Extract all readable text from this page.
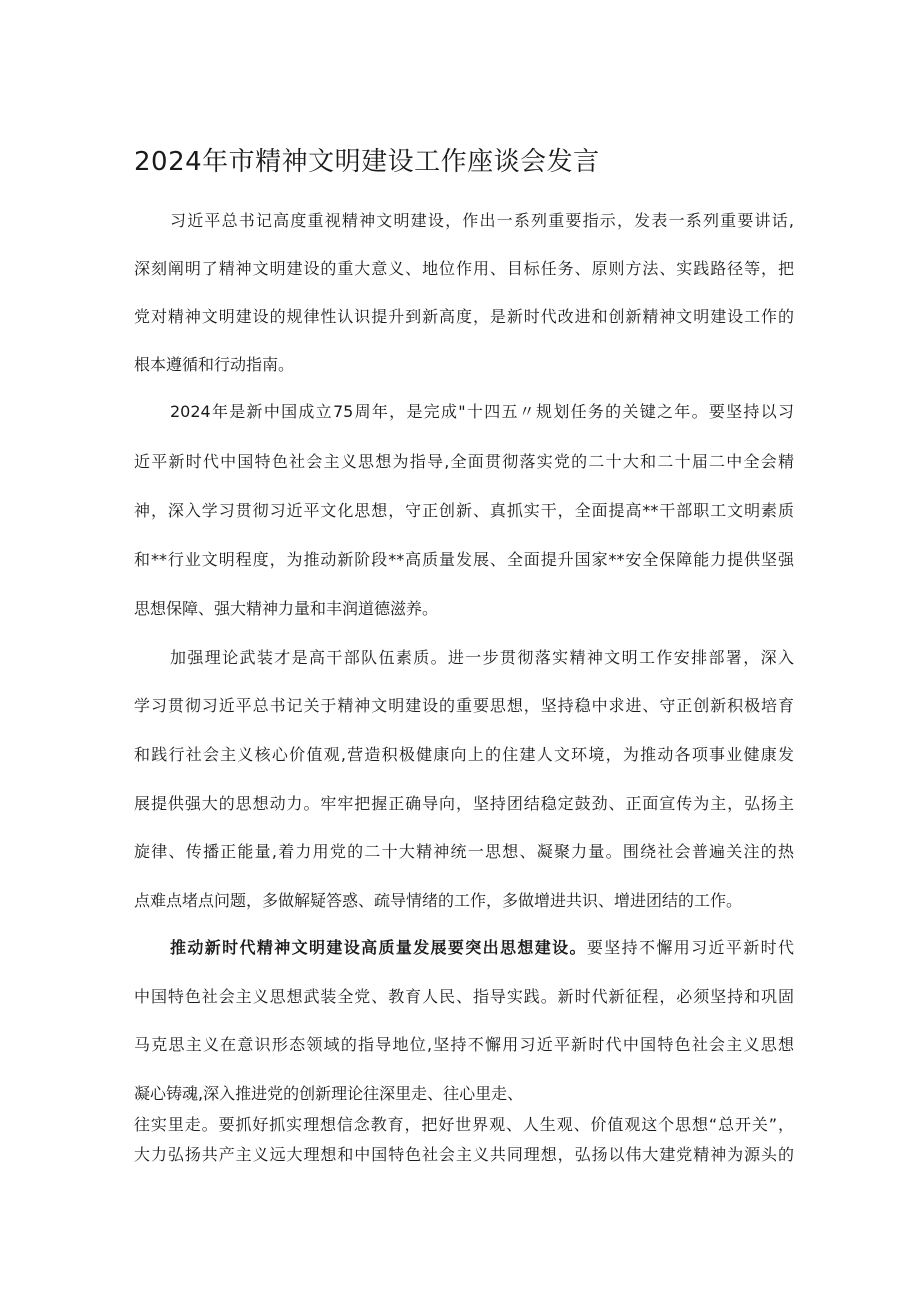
2024年市精神文明建设工作座谈会发言
习近平总书记高度重视精神文明建设，作出一系列重要指示，发表一系列重要讲话,
深刻阐明了精神文明建设的重大意义、地位作用、目标任务、原则方法、实践路径等，把
党对精神文明建设的规律性认识提升到新高度，是新时代改进和创新精神文明建设工作的
根本遵循和行动指南。
2024年是新中国成立75周年，是完成"十四五〃规划任务的关键之年。要坚持以习
近平新时代中国特色社会主义思想为指导,全面贯彻落实党的二十大和二十届二中全会精
神，深入学习贯彻习近平文化思想，守正创新、真抓实干，全面提高**干部职工文明素质
和**行业文明程度，为推动新阶段**高质量发展、全面提升国家**安全保障能力提供坚强
思想保障、强大精神力量和丰润道德滋养。
加强理论武装才是高干部队伍素质。进一步贯彻落实精神文明工作安排部署，深入
学习贯彻习近平总书记关于精神文明建设的重要思想，坚持稳中求进、守正创新积极培育
和践行社会主义核心价值观,营造积极健康向上的住建人文环境，为推动各项事业健康发
展提供强大的思想动力。牢牢把握正确导向，坚持团结稳定鼓劲、正面宣传为主，弘扬主
旋律、传播正能量,着力用党的二十大精神统一思想、凝聚力量。围绕社会普遍关注的热
点难点堵点问题，多做解疑答惑、疏导情绪的工作，多做增进共识、增进团结的工作。
推动新时代精神文明建设高质量发展要突出思想建设。要坚持不懈用习近平新时代
中国特色社会主义思想武装全党、教育人民、指导实践。新时代新征程，必须坚持和巩固
马克思主义在意识形态领域的指导地位,坚持不懈用习近平新时代中国特色社会主义思想
凝心铸魂,深入推进党的创新理论往深里走、往心里走、
往实里走。要抓好抓实理想信念教育，把好世界观、人生观、价值观这个思想“总开关”，
大力弘扬共产主义远大理想和中国特色社会主义共同理想，弘扬以伟大建党精神为源头的
